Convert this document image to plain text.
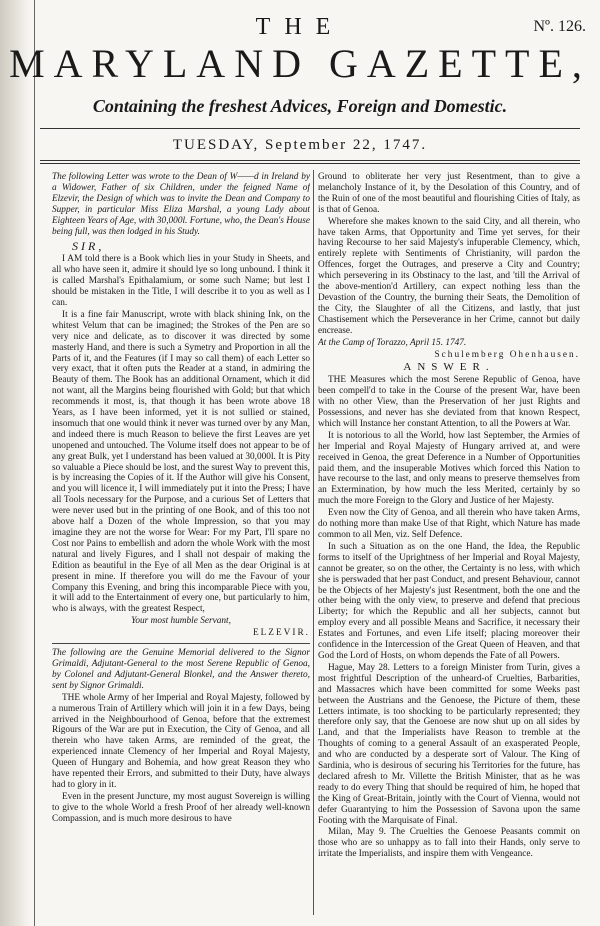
THE	Nº. 126.
MARYLAND GAZETTE,
Containing the freshest Advices, Foreign and Domestic.
TUESDAY, September 22, 1747.

The following Letter was wrote to the Dean of W——d in Ireland by a Widower, Father of six Children, under the feigned Name of Elzevir, the Design of which was to invite the Dean and Company to Supper, in particular Miss Eliza Marshal, a young Lady about Eighteen Years of Age, with 30,000l. Fortune, who, the Dean's House being full, was then lodged in his Study.

SIR,

I AM told there is a Book which lies in your Study in Sheets, and all who have seen it, admire it should lye so long unbound. I think it is called Marshal's Epithalamium, or some such Name; but lest I should be mistaken in the Title, I will describe it to you as well as I can.

It is a fine fair Manuscript, wrote with black shining Ink, on the whitest Velum that can be imagined; the Strokes of the Pen are so very nice and delicate, as to discover it was directed by some masterly Hand, and there is such a Symetry and Proportion in all the Parts of it, and the Features (if I may so call them) of each Letter so very exact, that it often puts the Reader at a stand, in admiring the Beauty of them. The Book has an additional Ornament, which it did not want, all the Margins being flourished with Gold; but that which recommends it most, is, that though it has been wrote above 18 Years, as I have been informed, yet it is not sullied or stained, insomuch that one would think it never was turned over by any Man, and indeed there is much Reason to believe the first Leaves are yet unopened and untouched. The Volume itself does not appear to be of any great Bulk, yet I understand has been valued at 30,000l. It is Pity so valuable a Piece should be lost, and the surest Way to prevent this, is by increasing the Copies of it. If the Author will give his Consent, and you will licence it, I will immediately put it into the Press; I have all Tools necessary for the Purpose, and a curious Set of Letters that were never used but in the printing of one Book, and of this too not above half a Dozen of the whole Impression, so that you may imagine they are not the worse for Wear: For my Part, I'll spare no Cost nor Pains to embellish and adorn the whole Work with the most natural and lively Figures, and I shall not despair of making the Edition as beautiful in the Eye of all Men as the dear Original is at present in mine. If therefore you will do me the Favour of your Company this Evening, and bring this incomparable Piece with you, it will add to the Entertainment of every one, but particularly to him, who is always, with the greatest Respect,

Your most humble Servant,

ELZEVIR.

The following are the Genuine Memorial delivered to the Signor Grimaldi, Adjutant-General to the most Serene Republic of Genoa, by Colonel and Adjutant-General Blonkel, and the Answer thereto, sent by Signor Grimaldi.

THE whole Army of her Imperial and Royal Majesty, followed by a numerous Train of Artillery which will join it in a few Days, being arrived in the Neighbourhood of Genoa, before that the extremest Rigours of the War are put in Execution, the City of Genoa, and all therein who have taken Arms, are reminded of the great, the experienced innate Clemency of her Imperial and Royal Majesty, Queen of Hungary and Bohemia, and how great Reason they who have repented their Errors, and submitted to their Duty, have always had to glory in it.

Even in the present Juncture, my most august Sovereign is willing to give to the whole World a fresh Proof of her already well-known Compassion, and is much more desirous to have

Ground to obliterate her very just Resentment, than to give a melancholy Instance of it, by the Desolation of this Country, and of the Ruin of one of the most beautiful and flourishing Cities of Italy, as is that of Genoa.

Wherefore she makes known to the said City, and all therein, who have taken Arms, that Opportunity and Time yet serves, for their having Recourse to her said Majesty's infuperable Clemency, which, entirely replete with Sentiments of Christianity, will pardon the Offences, forget the Outrages, and preserve a City and Country; which persevering in its Obstinacy to the last, and 'till the Arrival of the above-mention'd Artillery, can expect nothing less than the Devastion of the Country, the burning their Seats, the Demolition of the City, the Slaughter of all the Citizens, and lastly, that just Chastisement which the Perseverance in her Crime, cannot but daily encrease.

At the Camp of Torazzo, April 15. 1747.

Schulemberg Ohenhausen.

ANSWER.

THE Measures which the most Serene Republic of Genoa, have been compell'd to take in the Course of the present War, have been with no other View, than the Preservation of her just Rights and Possessions, and never has she deviated from that known Respect, which will Instance her constant Attention, to all the Powers at War.

It is notorious to all the World, how last September, the Armies of her Imperial and Royal Majesty of Hungary arrived at, and were received in Genoa, the great Deference in a Number of Opportunities paid them, and the insuperable Motives which forced this Nation to have recourse to the last, and only means to preserve themselves from an Extermination, by how much the less Merited, certainly by so much the more Foreign to the Glory and Justice of her Majesty.

Even now the City of Genoa, and all therein who have taken Arms, do nothing more than make Use of that Right, which Nature has made common to all Men, viz. Self Defence.

In such a Situation as on the one Hand, the Idea, the Republic forms to itself of the Uprightness of her Imperial and Royal Majesty, cannot be greater, so on the other, the Certainty is no less, with which she is perswaded that her past Conduct, and present Behaviour, cannot be the Objects of her Majesty's just Resentment, both the one and the other being with the only view, to preserve and defend that precious Liberty; for which the Republic and all her subjects, cannot but employ every and all possible Means and Sacrifice, it necessary their Estates and Fortunes, and even Life itself; placing moreover their confidence in the Intercession of the Great Queen of Heaven, and that God the Lord of Hosts, on whom depends the Fate of all Powers.

Hague, May 28. Letters to a foreign Minister from Turin, gives a most frightful Description of the unheard-of Cruelties, Barbarities, and Massacres which have been committed for some Weeks past between the Austrians and the Genoese, the Picture of them, these Letters intimate, is too shocking to be particularly represented; they therefore only say, that the Genoese are now shut up on all sides by Land, and that the Imperialists have Reason to tremble at the Thoughts of coming to a general Assault of an exasperated People, and who are conducted by a desperate sort of Valour. The King of Sardinia, who is desirous of securing his Territories for the future, has declared afresh to Mr. Villette the British Minister, that as he was ready to do every Thing that should be required of him, he hoped that the King of Great-Britain, jointly with the Court of Vienna, would not defer Guarantying to him the Possession of Savona upon the same Footing with the Marquisate of Final.

Milan, May 9. The Cruelties the Genoese Peasants commit on those who are so unhappy as to fall into their Hands, only serve to irritate the Imperialists, and inspire them with Vengeance.
